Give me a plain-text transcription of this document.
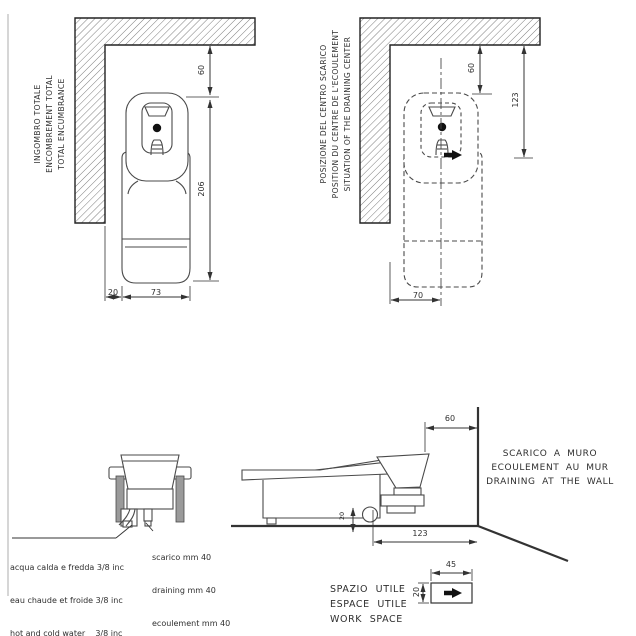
INGOMBRO TOTALE ENCOMBREMENT TOTAL TOTAL ENCUMBRANCE	POSIZIONE DEL CENTRO SCARICO POSITION DU CENTRE DE L'ECOULEMENT SITUATION OF THE DRAINING CENTER
60
206
20	73
60
123
70

acqua calda e fredda 3/8 inc

eau chaude et froide 3/8 inc

hot and cold water    3/8 inc

scarico mm 40

draining mm 40

ecoulement mm 40

60
123
20
SCARICO A MURO
ECOULEMENT AU MUR
DRAINING AT THE WALL
SPAZIO UTILE
ESPACE UTILE
WORK SPACE
45
20
